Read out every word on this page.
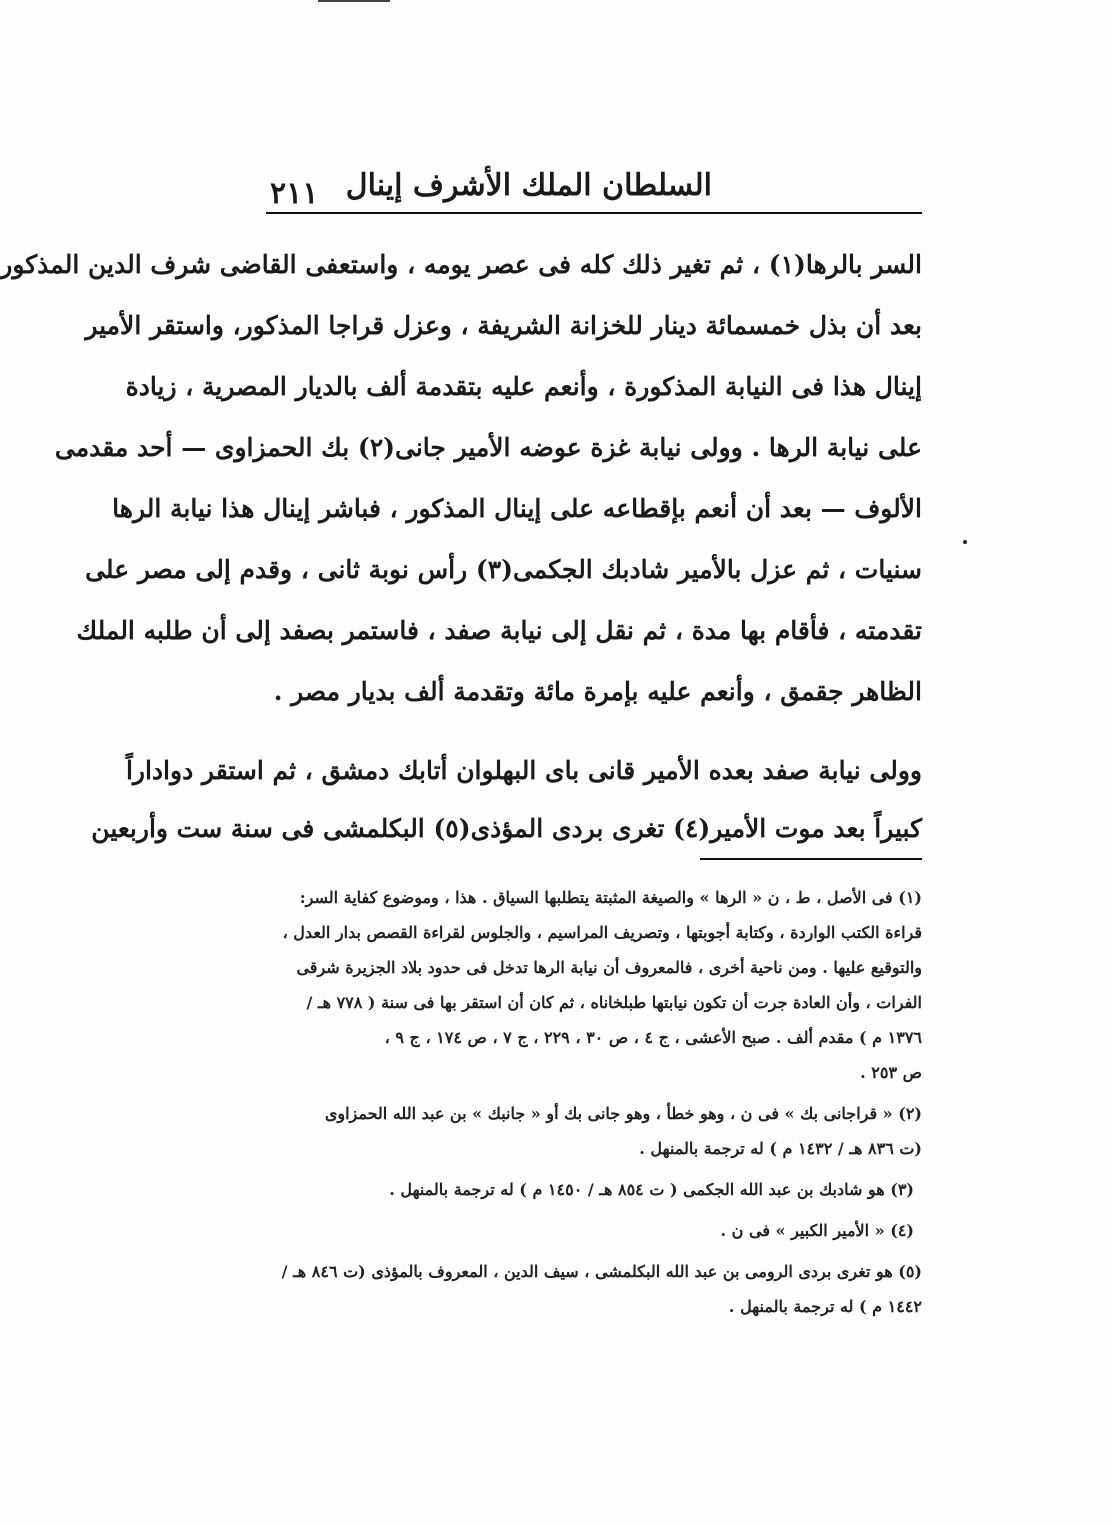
السلطان الملك الأشرف إينال
٢١١
السر بالرها(١) ، ثم تغير ذلك كله فى عصر يومه ، واستعفى القاضى شرف الدين المذكور
بعد أن بذل خمسمائة دينار للخزانة الشريفة ، وعزل قراجا المذكور، واستقر الأمير
إينال هذا فى النيابة المذكورة ، وأنعم عليه بتقدمة ألف بالديار المصرية ، زيادة
على نيابة الرها . وولى نيابة غزة عوضه الأمير جانى(٢) بك الحمزاوى — أحد مقدمى
الألوف — بعد أن أنعم بإقطاعه على إينال المذكور ، فباشر إينال هذا نيابة الرها
سنيات ، ثم عزل بالأمير شادبك الجكمى(٣) رأس نوبة ثانى ، وقدم إلى مصر على
تقدمته ، فأقام بها مدة ، ثم نقل إلى نيابة صفد ، فاستمر بصفد إلى أن طلبه الملك
الظاهر جقمق ، وأنعم عليه بإمرة مائة وتقدمة ألف بديار مصر .
وولى نيابة صفد بعده الأمير قانى باى البهلوان أتابك دمشق ، ثم استقر دواداراً
كبيراً بعد موت الأمير(٤) تغرى بردى المؤذى(٥) البكلمشى فى سنة ست وأربعين
(١) فى الأصل ، ط ، ن « الرها » والصيغة المثبتة يتطلبها السياق . هذا ، وموضوع كفاية السر:
قراءة الكتب الواردة ، وكتابة أجوبتها ، وتصريف المراسيم ، والجلوس لقراءة القصص بدار العدل ،
والتوقيع عليها . ومن ناحية أخرى ، فالمعروف أن نيابة الرها تدخل فى حدود بلاد الجزيرة شرقى
الفرات ، وأن العادة جرت أن تكون نيابتها طبلخاناه ، ثم كان أن استقر بها فى سنة ( ٧٧٨ هـ /
١٣٧٦ م ) مقدم ألف . صبح الأعشى ، ج ٤ ، ص ٣٠ ، ٢٢٩ ، ج ٧ ، ص ١٧٤ ، ج ٩ ،
ص ٢٥٣ .
(٢) « قراجانى بك » فى ن ، وهو خطأ ، وهو جانى بك أو « جانبك » بن عبد الله الحمزاوى
(ت ٨٣٦ هـ / ١٤٣٢ م ) له ترجمة بالمنهل .
(٣) هو شادبك بن عبد الله الجكمى ( ت ٨٥٤ هـ / ١٤٥٠ م ) له ترجمة بالمنهل .
(٤) « الأمير الكبير » فى ن .
(٥) هو تغرى بردى الرومى بن عبد الله البكلمشى ، سيف الدين ، المعروف بالمؤذى (ت ٨٤٦ هـ /
١٤٤٢ م ) له ترجمة بالمنهل .
